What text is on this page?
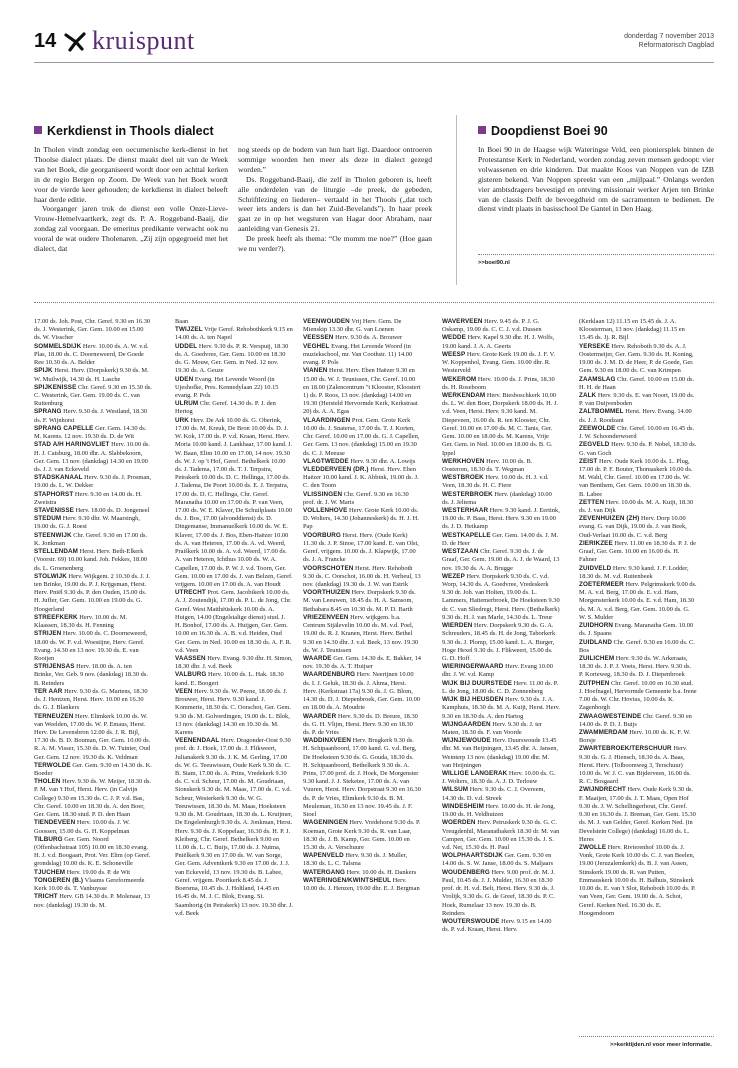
14 kruispunt	donderdag 7 november 2013
Reformatorisch Dagblad
Kerkdienst in Thools dialect

In Tholen vindt zondag een oecumenische kerk-dienst in het Thoolse dialect plaats. De dienst maakt deel uit van de Week van het Boek, die georganiseerd wordt door een achttal kerken in de regio Bergen op Zoom. De Week van het Boek wordt voor de vierde keer gehouden; de kerkdienst in dialect beleeft haar derde editie.

Voorganger jaren trok de dienst een volle Onze-Lieve-Vrouw-Hemelvaartkerk, zegt ds. P. A. Roggeband-Baaij, die zondag zal voorgaan. De emeritus predikante verwacht ook nu vooral de wat oudere Tholenaren. „Zij zijn opgegroeid met het dialect, dat

nog steeds op de bodem van hun hart ligt. Daardoor ontroeren sommige woorden hen meer als deze in dialect gezegd worden.”

Ds. Roggeband-Baaij, die zelf in Tholen geboren is, heeft alle onderdelen van de liturgie –de preek, de gebeden, Schriftlezing en liederen– vertaald in het Thools („dat toch weer iets anders is dan het Zuid-Bevelands”). In haar preek gaat ze in op het wegsturen van Hagar door Abraham, naar aanleiding van Genesis 21.

De preek heeft als thema: “Oe momm me noe?” (Hoe gaan we nu verder?).

Doopdienst Boei 90

In Boei 90 in de Haagse wijk Wateringse Veld, een pioniersplek binnen de Protestantse Kerk in Nederland, worden zondag zeven mensen gedoopt: vier volwassenen en drie kinderen. Dat maakte Koos van Noppen van de IZB gisteren bekend. Van Noppen spreekt van een „mijlpaal.” Onlangs werden vier ambtsdragers bevestigd en ontving missionair werker Arjen ten Brinke van de classis Delft de bevoegdheid om de sacramenten te bedienen. De dienst vindt plaats in basisschool De Gantel in Den Haag.

>>boei90.nl
17.00 ds. Joh. Post, Chr. Geref. 9.30 en 16.30 ds. J. Westerink, Ger. Gem. 10.00 en 15.00 ds. W. Visscher
SOMMELSDIJK Herv. 10.00 ds. A. W. v.d. Plas, 18.00 ds. C. Doorneweerd, De Goede Ree 10.30 ds. A. Belder
SPIJK Herst. Herv. (Dorpskerk) 9.30 ds. M. W. Muilwijk, 14.30 ds. H. Lasche
SPIJKENISSE Chr. Geref. 9.30 en 15.30 ds. C. Westerink, Ger. Gem. 19.00 ds. C. van Ruitenburg
SPRANG Herv. 9.30 ds. J. Westland, 18.30 ds. F. Wijnhorst
SPRANG CAPELLE Ger. Gem. 14.30 ds. M. Karens. 12 nov. 19.30 ds. D. de Wit
STAD A/H HARINGVLIET Herv. 10.00 ds. H. J. Catsburg, 18.00 dhr. A. Slabbekoorn, Ger. Gem. 13 nov. (dankdag) 14.30 en 19.00 ds. J. J. van Eckeveld
STADSKANAAL Herv. 9.30 ds. J. Prosman, 19.00 ds. L. W. Dekker
STAPHORST Herv. 9.30 en 14.00 ds. H. Zweistra
STAVENISSE Herv. 18.00 ds. D. Jongeneel
STEDUM Herv. 9.30 dhr. W. Maarsingh, 19.00 ds. G. J. Roest
STEENWIJK Chr. Geref. 9.30 en 17.00 ds. K. Jonkman
STELLENDAM Herst. Herv. Beth-Elkerk (Voorstr. 69) 10.00 kand. Joh. Fekkes, 18.00 ds. L. Groenenberg
STOLWIJK Herv. Wijkgem. 2 10.30 ds. J. J. ten Brinke, 19.00 ds. P. J. Krijgsman, Herst. Herv. Pniël 9.30 ds. P. den Ouden, 15.00 ds. H. Juffer, Ger. Gem. 10.00 en 19.00 ds. G. Hoogerland
STREEFKERK Herv. 10.00 ds. M. Klaassen, 18.30 ds. H. Fenning
STRIJEN Herv. 10.00 ds. C. Doorneweerd, 18.00 ds. W. F. v.d. Woestijne, Herv. Geref. Evang. 14.30 en 13 nov. 19.30 ds. E. van Rooijen
STRIJENSAS Herv. 18.00 ds. A. ten Brinke, Ver. Geb. 9 nov. (dankdag) 18.30 ds. B. Reinders
TER AAR Herv. 9.30 ds. G. Martens, 18.30 ds. J. Hentzen, Herst. Herv. 10.00 en 16.30 ds. G. J. Blankers
TERNEUZEN Herv. Elimkerk 10.00 ds. W. van Weelden, 17.00 ds. W. P. Emaus, Herst. Herv. De Levensbron 12.00 ds. J. R. Bijl, 17.30 ds. B. D. Bouman, Ger. Gem. 10.00 ds. R. A. M. Visser, 15.30 ds. D. W. Tuinier, Oud Ger. Gem. 12 nov. 19.30 ds. K. Veldman
TERWOLDE Ger. Gem. 9.30 en 14.30 ds. K. Boeder
THOLEN Herv. 9.30 ds. W. Meijer, 18.30 ds. P. M. van 't Hof, Herst. Herv. (in Calvijn College) 9.30 en 15.30 ds. C. J. P. v.d. Bas, Chr. Geref. 10.00 en 18.30 ds. A. den Boer, Ger. Gem. 18.30 stud. P. D. den Haan
TIENDEVEEN Herv. 10.00 ds. J. W. Goossen, 15.00 ds. G. H. Koppelman
TILBURG Ger. Gem. Noord (Offenbachstraat 105) 10.00 en 18.30 evang. H. J. v.d. Boogaart, Prot. Ver. Elim (op Geref. grondslag) 10.00 ds. K. E. Schoneville
TJUCHEM Herv. 19.00 ds. P. de Wit
TONGEREN (B.) Vlaams Gereformeerde Kerk 10.00 ds. T. Vanbuysse
TRICHT Herv. GB 14.30 ds. P. Molenaar, 13 nov. (dankdag) 19.30 ds. M.
Baan
TWIJZEL Vrije Geref. Rehobothkerk 9.15 en 14.00 ds. A. ten Napel
UDDEL Herv. 9.30 ds. P. R. Verspuij, 18.30 ds. A. Goedvree, Ger. Gem. 10.00 en 18.30 ds. G. Mouw, Ger. Gem. in Ned. 12 nov. 19.30 ds. A. Geuze
UDEN Evang. Het Levende Woord (in Ujeshofke, Pres. Kennedylaan 22) 10.15 evang. P. Pols
ULRUM Chr. Geref. 14.30 ds. P. J. den Hertog
URK Herv. De Ark 10.00 ds. G. Oberink, 17.00 ds. M. Kreuk, De Bron 10.00 ds. D. J. W. Kok, 17.00 ds. P. v.d. Kraan, Herst. Herv. Moria 10.00 kand. J. Lankhaar, 17.00 kand. J. W. Baan, Elim 10.00 en 17.00, 14 nov. 19.30 ds. W. J. op 't Hof, Geref. Bethelkerk 10.00 ds. J. Tadema, 17.00 ds. T. J. Terpstra, Petrakerk 10.00 ds. D. C. Hellinga, 17.00 ds. J. Tadema, De Poort 10.00 ds. E. J. Terpstra, 17.00 ds. D. C. Hellinga, Chr. Geref. Maranatha 10.00 en 17.00 ds. P. van Veen, 17.00 ds. W. E. Klaver, De Schuilplaats 10.00 ds. J. Bos, 17.00 (alvonddienst) ds. D. Dingemanse, Immanuelkerk 10.00 ds. W. E. Klaver, 17.00 ds. J. Bos, Eben-Haëzer 10.00 ds. A. van Heteren, 17.00 ds. A. vd. Weerd, Praiškerk 10.00 ds. A. v.d. Weerd, 17.00 ds. A. van Heteren, Ichthus 10.00 ds. W. A. Capellen, 17.00 ds. P. W. J. v.d. Toorn, Ger. Gem. 10.00 en 17.00 ds. J. van Belzen, Geref. vrijgem. 10.00 en 17.00 ds. A. van Houdt
UTRECHT Prot. Gem. Jacobikerk 10.00 ds. A. J. Zoutendijk, 17.00 ds. P. L. de Jong, Chr. Geref. West Matthēüskerk 10.00 ds. A. Huigen, 14.00 (Engelstalige dienst) stud. J. H. Bonhof, 17.00 ds. A. Huijgen, Ger. Gem. 10.00 en 16.30 ds. A. B. v.d. Heiden, Oud Ger. Gem. in Ned. 10.00 en 18.30 ds. A. F. R. v.d. Veen
VAASSEN Herv. Evang. 9.30 dhr. H. Simon, 18.30 dhr. J. v.d. Beek
VALBURG Herv. 10.00 ds. L. Hak. 18.30 kand. E. Boogert
VEEN Herv. 9.30 ds. W. Peene, 18.00 ds. J. Brouwer, Herst. Herv. 9.30 kand. J. Kommerie, 18.30 ds. C. Oorschot, Ger. Gem. 9.30 ds. M. Golverdingen, 19.00 ds. L. Blok, 13 nov. (dankdag) 14.30 en 19.30 ds. M. Karens
VEENENDAAL Herv. Dragonder-Oost 9.30 prof. dr. J. Hoek, 17.00 ds. J. Flikweert, Julianakerk 9.30 ds. J. K. M. Gerling, 17.00 ds. W. G. Teeuwissen, Oude Kerk 9.30 ds. C. B. Stam, 17.00 ds. A. Prins, Vredekerk 9.30 ds. C. v.d. Scheur, 17.00 ds. M. Goudriaan, Sionskerk 9.30 ds. M. Maas, 17.00 ds. C. v.d. Scheur, Westerkerk 9.30 ds. W. G. Teeuwissen, 18.30 ds. M. Maas, Hoeksteen 9.30 ds. M. Goudriaan, 18.30 ds. L. Kruijmer, De Engelenburgh 9.30 ds. A. Jonkman, Herst. Herv. 9.30 ds. J. Koppelaar, 16.30 ds. H. P. J. Kleiberg, Chr. Geref. Bethelkerk 9.00 en 11.00 ds. L. C. Buijs, 17.00 ds. J. Nutma, Pniëlkerk 9.30 en 17.00 ds. W. van Sorge, Ger. Gem. Adventkerk 9.30 en 17.00 ds. J. J. van Eckeveld, 13 nov. 19.30 ds. B. Labee, Geref. vrijgem. Poortkerk 8.45 ds. J. Boersma, 10.45 ds. J. Holtland, 14.45 en 16.45 ds. M. J. C. Blok, Evang. St. Saamhorig (in Petrakerk) 13 nov. 19.30 dhr. J. v.d. Beek
VEENWOUDEN Vrij Herv. Gem. De Mienskip 13.30 dhr. G. van Loenen
VEESSEN Herv. 9.30 ds. A. Brouwer
VEGHEL Evang. Het Levende Woord (in muziekschool, mr. Van Coothstr. 11) 14.00 evang. P. Pols
VIANEN Herst. Herv. Eben Haëzer 9.30 en 15.00 ds. W. J. Teunissen, Chr. Geref. 10.00 en 18.00 (Zalencentrum "t Klooster, Kloostert 1) ds. P. Roos, 13 nov. (dankdag) 14.00 en 19.30 (Hersteld Hervormde Kerk, Kerkstraat 20) ds. A. A. Egas
VLAARDINGEN Prot. Gem. Grote Kerk 10.00 ds. J. Snaterse, 17.00 ds. T. J. Korten, Chr. Geref. 10.00 en 17.00 ds. G. J. Capellen, Ger. Gem. 13 nov. (dankdag) 15.00 en 19.30 ds. C. J. Meeuse
VLAGTWEDDE Herv. 9.30 dhr. A. Lowijs
VLEDDERVEEN (DR.) Herst. Herv. Eben Haëzer 10.00 kand. J. K. Abbink, 19.00 ds. J. C. den Toom
VLISSINGEN Chr. Geref. 9.30 en 16.30 prof. dr. J. W. Maris
VOLLENHOVE Herv. Grote Kerk 10.00 ds. D. Wolters, 14.30 (Johanneskerk) ds. H. J. H. Pap
VOORBURG Herst. Herv. (Oude Kerk) 11.30 ds. J. P. Sinoe, 17.00 kand. E. van Olst, Geref. vrijgem. 10.00 ds. J. Klapwijk, 17.00 ds. J. A. Francke
VOORSCHOTEN Herst. Herv. Rehoboth 9.30 ds. C. Oorschot, 16.00 ds. H. Verheul, 13 nov. (dankdag) 19.30 ds. J. W. van Estrik
VOORTHUIZEN Herv. Dorpskerk 9.30 ds. M. van Leeuwen, 18.45 ds. H. A. Samsom, Bethabara 8.45 en 10.30 ds. M. P. D. Barth
VRIEZENVEEN Herv. wijkgem. b.a. Centrum Stjälevelin 10.00 ds. M. v.d. Poel, 19.00 ds. R. J. Kranen, Herst. Herv. Bethel 9.30 en 14.30 dhr. J. v.d. Beek, 13 nov. 19.30 ds. W. J. Teunissen
WAARDE Ger. Gem. 14.30 ds. E. Bakker, 14 nov. 19.30 ds. A. T. Huijser
WAARDENBURG Herv. Neerijnen 10.00 ds. I. J. Geluk, 18.30 ds. J. Ahma, Herst. Herv. (Kerkstraat 17a) 9.30 ds. J. G. Blom, 14.30 ds. D. J. Diepenbroek, Ger. Gem. 10.00 en 18.00 ds. A. Moudrie
WAARDER Herv. 9.30 ds. D. Breure, 18.30 ds. G. H. Vlijm, Herst. Herv. 9.30 en 18.30 ds. P. de Vries
WADDINXVEEN Herv. Brugkerk 9.30 ds. H. Schipaanboord, 17.00 kand. G. v.d. Berg, De Hoeksteen 9.30 ds. G. Gouda, 18.30 ds. H. Schipaanboord, Bethelkerk 9.30 ds. A. Prins, 17.00 prof. dr. J. Hoek, De Morgenster 9.30 kand. J. J. Steketee, 17.00 ds. A. van Vuuren, Herst. Herv. Dorpstraat 9.30 en 16.30 ds. P. de Vries, Elimkerk 9.30 ds. B. M. Meuleman, 16.30 en 13 nov. 19.45 ds. J. F. Stoel
WAGENINGEN Herv. Vredehorst 9.30 ds. P. Koeman, Grote Kerk 9.30 ds. R. van Laar, 18.30 ds. J. B. Kamp, Ger. Gem. 10.00 en 15.30 ds. A. Verschuure
WAPENVELD Herv. 9.30 ds. J. Muller, 18.30 ds. L. C. Talsma
WATERGANG Herv. 10.00 ds. H. Dankers
WATERINGEN/KWINTSHEUL Herv. 10.00 ds. J. Henzen, 19.00 dhr. E. J. Bergman
WAVERVEEN Herv. 9.45 ds. P. J. G. Oskamp, 19.00 ds. C. C. J. v.d. Dussen
WEDDE Herv. Kapel 9.30 dhr. H. J. Wolfs, 19.00 kand. J. A. A. Geerts
WEESP Herv. Grote Kerk 19.00 ds. J. F. V. W. Koppenhol, Evang. Gem. 10.00 dhr. R. Westerveld
WEKEROM Herv. 10.00 ds. J. Prins, 18.30 ds. H. Roseboom
WERKENDAM Herv. Biesboschkerk 10.00 ds. L. W. den Boer, Dorpskerk 18.00 ds. H. J. v.d. Veen, Herst. Herv. 9.30 kand. M. Diepeveen, 16.00 ds. R. ten Klooster, Chr. Geref. 10.00 en 17.00 ds. M. C. Tanis, Ger. Gem. 10.00 en 18.00 ds. M. Karens, Vrije Ger. Gem. in Ned. 10.00 en 18.00 ds. B. G. Ippel
WERKHOVEN Herv. 10.00 ds. B. Oosterom, 18.30 ds. T. Wegman
WESTBROEK Herv. 10.00 ds. H. J. v.d. Veen, 18.30 ds. H. C. Fiere
WESTERBROEK Herv. (dankdag) 10.00 ds. J. Jeltema
WESTERHAAR Herv. 9.30 kand. J. Eertink, 19.00 ds. P. Baas, Herst. Herv. 9.30 en 19.00 ds. J. D. Heikamp
WESTKAPELLE Ger. Gem. 14.00 ds. J. M. D. de Heer
WESTZAAN Chr. Geref. 9.30 ds. J. de Graaf, Ger. Gem. 19.00 ds. A. J. de Waard, 13 nov. 19.30 ds. A. A. Brugge
WEZEP Herv. Dorpskerk 9.30 ds. C. v.d. Worp, 14.30 ds. A. Goedvree, Vredeskerk 9.30 dr. Joh. van Holten, 19.00 ds. L. Lammers, Hattemerbroek, De Hoeksteen 9.30 dr. C. van Sliedregt, Herst. Herv. (Bethelkerk) 9.30 ds. H. J. van Marle, 14.30 ds. L. Treur
WIERDEN Herv. Dorpskerk 9.30 ds. G. A. Schreuders, 18.45 ds. H. de Jong, Taborkerk 9.30 ds. J. Plomp, 15.00 kand. L. A. Burger, Hoge Hexel 9.30 ds. J. Flikweert, 15.00 ds. G. D. Hoff
WIERINGERWAARD Herv. Evang 10.00 dhr. J. W. v.d. Kamp
WIJK BIJ DUURSTEDE Herv. 11.00 ds. P. L. de Jong, 18.00 ds. C. D. Zonnenberg
WIJK BIJ HEUSDEN Herv. 9.30 ds. J. A. Kamphuis, 18.30 ds. M. A. Kuijt, Herst. Herv. 9.30 en 18.30 ds. A. den Hartog
WIJNGAARDEN Herv. 9.30 ds. J. ter Maten, 18.30 ds. F. van Voorde
WIJNJEWOUDE Herv. Duurswoude 13.45 dhr. M. van Heijningen, 13.45 dhr. A. Jansen, Weinterp 13 nov. (dankdag) 19.00 dhr. M. van Heijningen
WILLIGE LANGERAK Herv. 10.00 ds. G. J. Wolters, 18.30 ds. A. J. D. Terlouw
WILSUM Herv. 9.30 ds. C. J. Overeem, 14.30 ds. D. v.d. Streek
WINDESHEIM Herv. 10.00 ds. H. de Jong, 19.00 ds. H. Veldhuizen
WOERDEN Herv. Petruskerk 9.30 ds. G. C. Vreugdenhil, Maranathakerk 18.30 dr. M. van Campen, Ger. Gem. 10.00 en 15.30 ds. J. S. v.d. Net, 15.30 ds. H. Paul
WOLPHAARTSDIJK Ger. Gem. 9.30 en 14.00 ds. S. W. Janse, 18.00 ds. S. Maljaars
WOUDENBERG Herv. 9.00 prof. dr. M. J. Paul, 10.45 ds. J. J. Mulder, 16.30 en 18.30 prof. dr. H. v.d. Belt, Herst. Herv. 9.30 ds. J. Vrolijk, 9.30 ds. G. de Greef, 18.30 ds. P. C. Hoek, Rumelaar 13 nov. 19.30 ds. B. Reinders
WOUTERSWOUDE Herv. 9.15 en 14.00 ds. P. v.d. Kraan, Herst. Herv.
(Kerklaan 12) 11.15 en 15.45 ds. J. A. Kloosterman, 13 nov. (dankdag) 11.15 en 15.45 ds. Jj. R. Bijl
YERSEKE Herv. Rehoboth 9.30 ds. A. J. Oostermeijer, Ger. Gem. 9.30 ds. H. Koning, 19.00 ds. J. M. D. de Heer, P. de Goede, Ger. Gem. 9.30 en 18.00 ds. C. van Krimpen
ZAAMSLAG Chr. Geref. 10.00 en 15.00 ds. H. H. de Haan
ZALK Herv. 9.30 ds. E. van Noort, 19.00 ds. P. van Duijvenboden
ZALTBOMMEL Herst. Herv. Evang. 14.00 ds. J. J. Roodzant
ZEEWOLDE Chr. Geref. 10.00 en 16.45 ds. J. W. Schoonderwoerd
ZEGVELD Herv. 9.30 ds. P. Nobel, 18.30 ds. G. van Goch
ZEIST Herv. Oude Kerk 10.00 ds. L. Plug, 17.00 dr. P. F. Bouter, Thomaskerk 10.00 ds. M. Wahl, Chr. Geref. 10.00 en 17.00 ds. W. van Benthem, Ger. Gem. 10.00 en 18.30 ds. B. Labee
ZETTEN Herv. 10.00 ds. M. A. Kuijt, 18.30 ds. J. van Dijk
ZEVENHUIZEN (ZH) Herv. Dorp 10.00 evang. G. van Dijk, 19.00 ds. J. van Beek, Oud-Verlaat 10.00 ds. C. v.d. Berg
ZIERIKZEE Herv. 11.00 en 18.30 ds. P. J. de Graaf, Ger. Gem. 10.00 en 16.00 ds. H. Fahner
ZUIDVELD Herv. 9.30 kand. J. F. Lodder, 18.30 ds. M. v.d. Ruitenbeek
ZOETERMEER Herv. Pelgrimskerk 9.00 ds. M. A. v.d. Berg, 17.00 ds. E. v.d. Ham, Morgensterkerk 10.00 ds. E. v.d. Ham, 18.30 ds. M. A. v.d. Berg, Ger. Gem. 10.00 ds. G. W. S. Mulder
ZUIDHORN Evang. Maranatha Gem. 10.00 ds. J. Spaans
ZUIDLAND Chr. Geref. 9.30 en 16.00 ds. C. Bos
ZUILICHEM Herv. 9.30 ds. W. Arkeraats, 18.30 ds. J. P. J. Voets, Herst. Herv. 9.30 ds. P. Korteweg, 18.30 ds. D. J. Diepenbroek
ZUTPHEN Chr. Geref. 10.00 en 16.30 stud. J. Hoefnagel, Hervormde Gemeente b.a. Irene 7.00 ds. W. Chr. Hovius, 10.00 ds. K. Zagenborgh
ZWAAGWESTEINDE Chr. Geref. 9.30 en 14.00 ds. P. D. J. Buijs
ZWAMMERDAM Herv. 10.00 ds. K. F. W. Borsje
ZWARTEBROEK/TERSCHUUR Herv. 9.30 ds. G. J. Hiensch, 18.30 ds. A. Baas, Herst. Herv. (Tolboomweg 3, Terschuur) 10.00 ds. W. J. C. van Bijderveen, 16.00 ds. R. C. Bosgaard
ZWIJNDRECHT Herv. Oude Kerk 9.30 ds. F. Maaijen, 17.00 ds. J. T. Maas, Open Hof 9.30 ds. J. W. Schellingerhout, Chr. Geref. 9.30 en 16.30 ds. J. Breman, Ger. Gem. 15.30 ds. M. J. van Gelder, Geref. Kerken Ned. (in Develstein College) (dankdag) 16.00 ds. L. Heres
ZWOLLE Herv. Rivierenhof 10.00 ds. J. Vonk, Grote Kerk 10.00 ds. C. J. van Beelen, 19.00 (Jeruzalemkerk) ds. B. J. van Assen, Stinskerk 19.00 ds. R. van Putten, Emmauskerk 10.00 ds. H. Balhuis, Stinskerk 10.00 ds. E. van 't Slot, Rehoboth 10.00 ds. P. van Veen, Ger. Gem. 19.00 ds. A. Schot, Geref. Kerken Ned. 16.30 ds. E. Hoogendoorn
>>kerktijden.nl voor meer informatie.
